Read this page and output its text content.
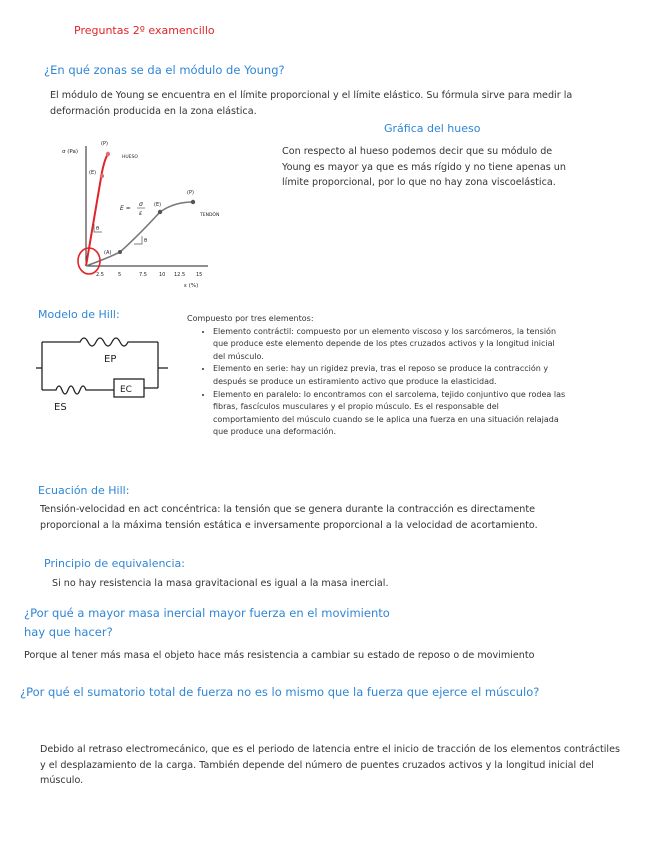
Preguntas 2º examencillo
¿En qué zonas se da el módulo de Young?
El módulo de Young se encuentra en el límite proporcional y el límite elástico. Su fórmula sirve para medir la deformación producida en la zona elástica.
σ (Pa)
ε (%)
2.5	5	7.5 10 12.5 15
(P)
(E)
HUESO
(E)
(P)
(A)
TENDÓN
θ
θ
E =
σ
ε
Gráfica del hueso
Con respecto al hueso podemos decir que su módulo de Young es mayor ya que es más rígido y no tiene apenas un límite proporcional, por lo que no hay zona viscoelástica.
Modelo de Hill:
EP
EC
ES
Compuesto por tres elementos:
• Elemento contráctil: compuesto por un elemento viscoso y los sarcómeros, la tensión que produce este elemento depende de los ptes cruzados activos y la longitud inicial del músculo.
• Elemento en serie: hay un rigidez previa, tras el reposo se produce la contracción y después se produce un estiramiento activo que produce la elasticidad.
• Elemento en paralelo: lo encontramos con el sarcolema, tejido conjuntivo que rodea las fibras, fascículos musculares y el propio músculo. Es el responsable del comportamiento del músculo cuando se le aplica una fuerza en una situación relajada que produce una deformación.
Ecuación de Hill:
Tensión-velocidad en act concéntrica: la tensión que se genera durante la contracción es directamente proporcional a la máxima tensión estática e inversamente proporcional a la velocidad de acortamiento.
Principio de equivalencia:
Si no hay resistencia la masa gravitacional es igual a la masa inercial.
¿Por qué a mayor masa inercial mayor fuerza en el movimiento
hay que hacer?
Porque al tener más masa el objeto hace más resistencia a cambiar su estado de reposo o de movimiento
¿Por qué el sumatorio total de fuerza no es lo mismo que la fuerza que ejerce el músculo?
Debido al retraso electromecánico, que es el periodo de latencia entre el inicio de tracción de los elementos contráctiles y el desplazamiento de la carga. También depende del número de puentes cruzados activos y la longitud inicial del músculo.
